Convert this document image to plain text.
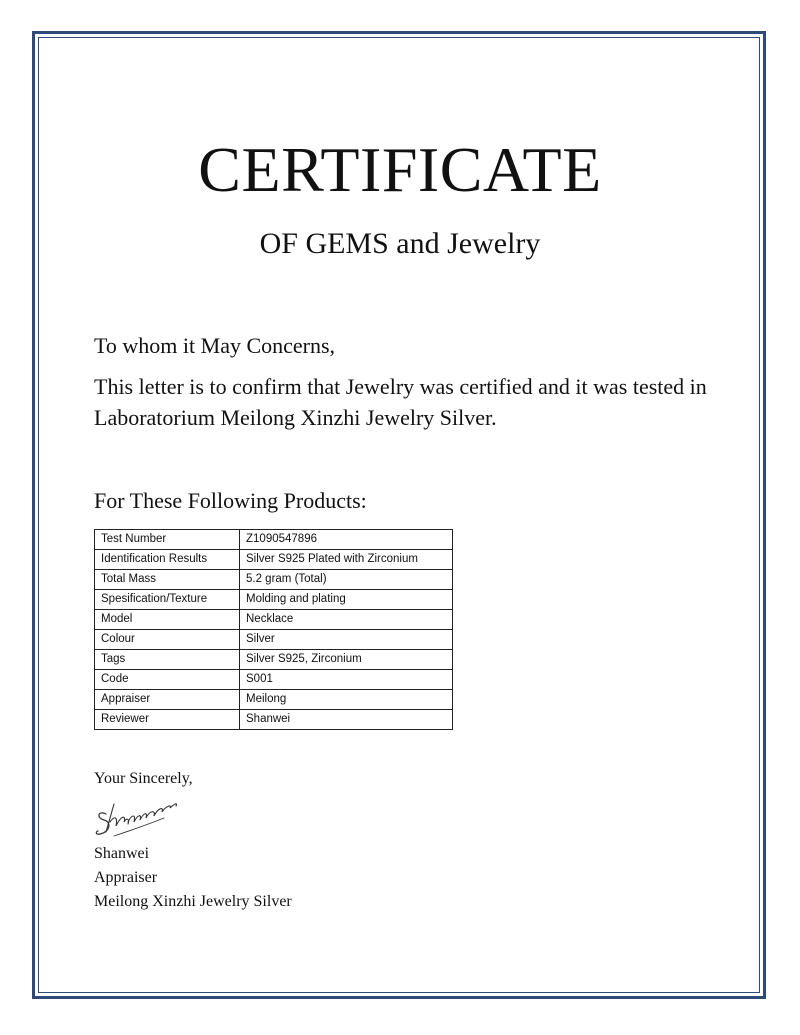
CERTIFICATE
OF GEMS and Jewelry

To whom it May Concerns,

This letter is to confirm that Jewelry was certified and it was tested in Laboratorium Meilong Xinzhi Jewelry Silver.

For These Following Products:

Test Number	Z1090547896
Identification Results	Silver S925 Plated with Zirconium
Total Mass	5.2 gram (Total)
Spesification/Texture	Molding and plating
Model	Necklace
Colour	Silver
Tags	Silver S925, Zirconium
Code	S001
Appraiser	Meilong
Reviewer	Shanwei

Your Sincerely,

Shanwei
Appraiser
Meilong Xinzhi Jewelry Silver
